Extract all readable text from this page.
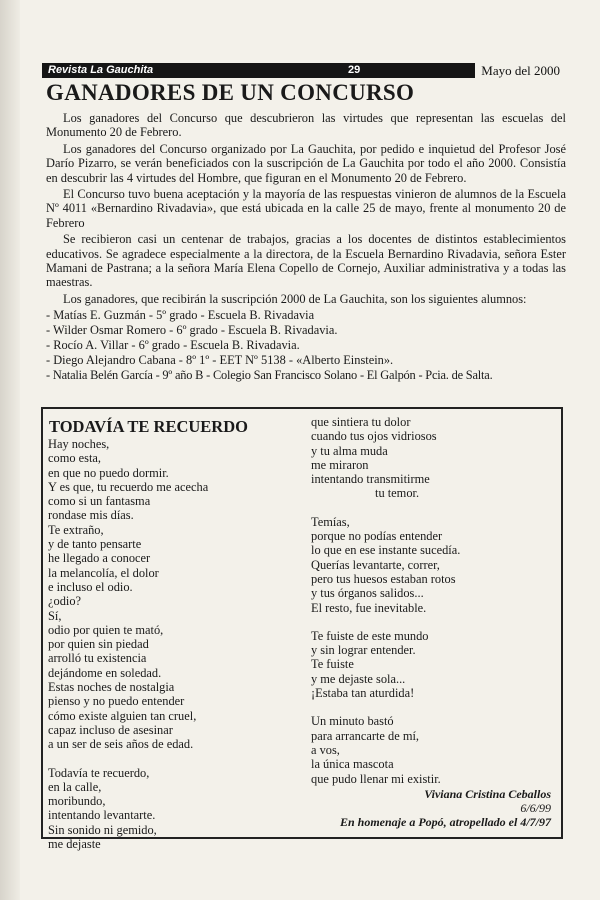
Revista La Gauchita	29	Mayo del 2000
GANADORES DE UN CONCURSO

Los ganadores del Concurso que descubrieron las virtudes que representan las escuelas del Monumento 20 de Febrero.

Los ganadores del Concurso organizado por La Gauchita, por pedido e inquietud del Profesor José Darío Pizarro, se verán beneficiados con la suscripción de La Gauchita por todo el año 2000. Consistía en descubrir las 4 virtudes del Hombre, que figuran en el Monumento 20 de Febrero.

El Concurso tuvo buena aceptación y la mayoría de las respuestas vinieron de alumnos de la Escuela Nº 4011 «Bernardino Rivadavia», que está ubicada en la calle 25 de mayo, frente al monumento 20 de Febrero

Se recibieron casi un centenar de trabajos, gracias a los docentes de distintos establecimientos educativos. Se agradece especialmente a la directora, de la Escuela Bernardino Rivadavia, señora Ester Mamani de Pastrana; a la señora María Elena Copello de Cornejo, Auxiliar administrativa y a todas las maestras.

Los ganadores, que recibirán la suscripción 2000 de La Gauchita, son los siguientes alumnos:

- Matías E. Guzmán - 5º grado - Escuela B. Rivadavia
- Wilder Osmar Romero - 6º grado - Escuela B. Rivadavia.
- Rocío A. Villar - 6º grado - Escuela B. Rivadavia.
- Diego Alejandro Cabana - 8º 1º - EET Nº 5138 - «Alberto Einstein».
- Natalia Belén García - 9º año B - Colegio San Francisco Solano - El Galpón - Pcia. de Salta.
TODAVÍA TE RECUERDO
Hay noches,
como esta,
en que no puedo dormir.
Y es que, tu recuerdo me acecha
como si un fantasma
rondase mis días.
Te extraño,
y de tanto pensarte
he llegado a conocer
la melancolía, el dolor
e incluso el odio.
¿odio?
Sí,
odio por quien te mató,
por quien sin piedad
arrolló tu existencia
dejándome en soledad.
Estas noches de nostalgia
pienso y no puedo entender
cómo existe alguien tan cruel,
capaz incluso de asesinar
a un ser de seis años de edad.
Todavía te recuerdo,
en la calle,
moribundo,
intentando levantarte.
Sin sonido ni gemido,
me dejaste
que sintiera tu dolor
cuando tus ojos vidriosos
y tu alma muda
me miraron
intentando transmitirme
tu temor.
Temías,
porque no podías entender
lo que en ese instante sucedía.
Querías levantarte, correr,
pero tus huesos estaban rotos
y tus órganos salidos...
El resto, fue inevitable.
Te fuiste de este mundo
y sin lograr entender.
Te fuiste
y me dejaste sola...
¡Estaba tan aturdida!
Un minuto bastó
para arrancarte de mí,
a vos,
la única mascota
que pudo llenar mi existir.
Viviana Cristina Ceballos
6/6/99
En homenaje a Popó, atropellado el 4/7/97
